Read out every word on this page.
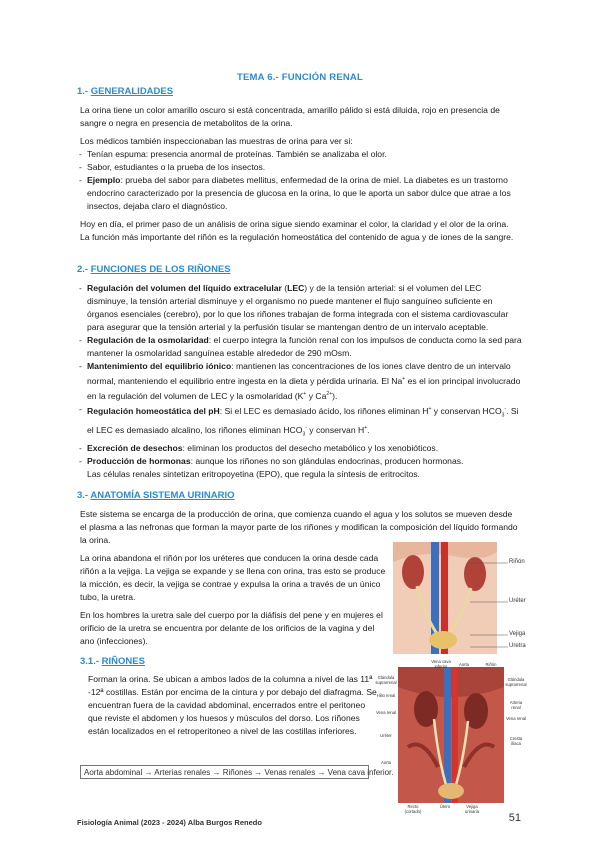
TEMA 6.- FUNCIÓN RENAL
1.- GENERALIDADES

La orina tiene un color amarillo oscuro si está concentrada, amarillo pálido si está diluida, rojo en presencia de sangre o negra en presencia de metabolitos de la orina.

Los médicos también inspeccionaban las muestras de orina para ver si:

- Tenían espuma: presencia anormal de proteínas. También se analizaba el olor.
- Sabor, estudiantes o la prueba de los insectos.
- Ejemplo: prueba del sabor para diabetes mellitus, enfermedad de la orina de miel. La diabetes es un trastorno endocrino caracterizado por la presencia de glucosa en la orina, lo que le aporta un sabor dulce que atrae a los insectos, dejaba claro el diagnóstico.

Hoy en día, el primer paso de un análisis de orina sigue siendo examinar el color, la claridad y el olor de la orina. La función más importante del riñón es la regulación homeostática del contenido de agua y de iones de la sangre.

2.- FUNCIONES DE LOS RIÑONES
- Regulación del volumen del líquido extracelular (LEC) y de la tensión arterial: si el volumen del LEC disminuye, la tensión arterial disminuye y el organismo no puede mantener el flujo sanguíneo suficiente en órganos esenciales (cerebro), por lo que los riñones trabajan de forma integrada con el sistema cardiovascular para asegurar que la tensión arterial y la perfusión tisular se mantengan dentro de un intervalo aceptable.
- Regulación de la osmolaridad: el cuerpo integra la función renal con los impulsos de conducta como la sed para mantener la osmolaridad sanguínea estable alrededor de 290 mOsm.
- Mantenimiento del equilibrio iónico: mantienen las concentraciones de los iones clave dentro de un intervalo normal, manteniendo el equilibrio entre ingesta en la dieta y pérdida urinaria. El Na+ es el ion principal involucrado en la regulación del volumen de LEC y la osmolaridad (K+ y $Ca^{2+}$).
- Regulación homeostática del pH: Si el LEC es demasiado ácido, los riñones eliminan H+ y conservan $HCO_3^-$. Si el LEC es demasiado alcalino, los riñones eliminan $HCO_3^-$ y conservan H+.
- Excreción de desechos: eliminan los productos del desecho metabólico y los xenobióticos.
- Producción de hormonas: aunque los riñones no son glándulas endocrinas, producen hormonas.
Las células renales sintetizan eritropoyetina (EPO), que regula la síntesis de eritrocitos.
3.- ANATOMÍA SISTEMA URINARIO

Este sistema se encarga de la producción de orina, que comienza cuando el agua y los solutos se mueven desde el plasma a las nefronas que forman la mayor parte de los riñones y modifican la composición del líquido formando la orina.

La orina abandona el riñón por los uréteres que conducen la orina desde cada riñón a la vejiga. La vejiga se expande y se llena con orina, tras esto se produce la micción, es decir, la vejiga se contrae y expulsa la orina a través de un único tubo, la uretra.

En los hombres la uretra sale del cuerpo por la diáfisis del pene y en mujeres el orificio de la uretra se encuentra por delante de los orificios de la vagina y del ano (infecciones).

3.1.- RIÑONES

Forman la orina. Se ubican a ambos lados de la columna a nivel de las 11ª -12ª costillas. Están por encima de la cintura y por debajo del diafragma. Se encuentran fuera de la cavidad abdominal, encerrados entre el peritoneo que reviste el abdomen y los huesos y músculos del dorso. Los riñones están localizados en el retroperitoneo a nivel de las costillas inferiores.

Aorta abdominal → Arterias renales → Riñones → Venas renales → Vena cava inferior.
Riñón
Uréter
Vejiga
Uretra
Vena cava inferior	Aorta	Riñón
Glándula suprarrenal
Hilio renal
Vena renal
Uréter
Aorta
Glándula suprarrenal
Arteria renal
Vena renal
Cresta ilíaca
Recto (cortado)
Útero	Vejiga urinaria
Fisiología Animal (2023 - 2024) Alba Burgos Renedo	51
